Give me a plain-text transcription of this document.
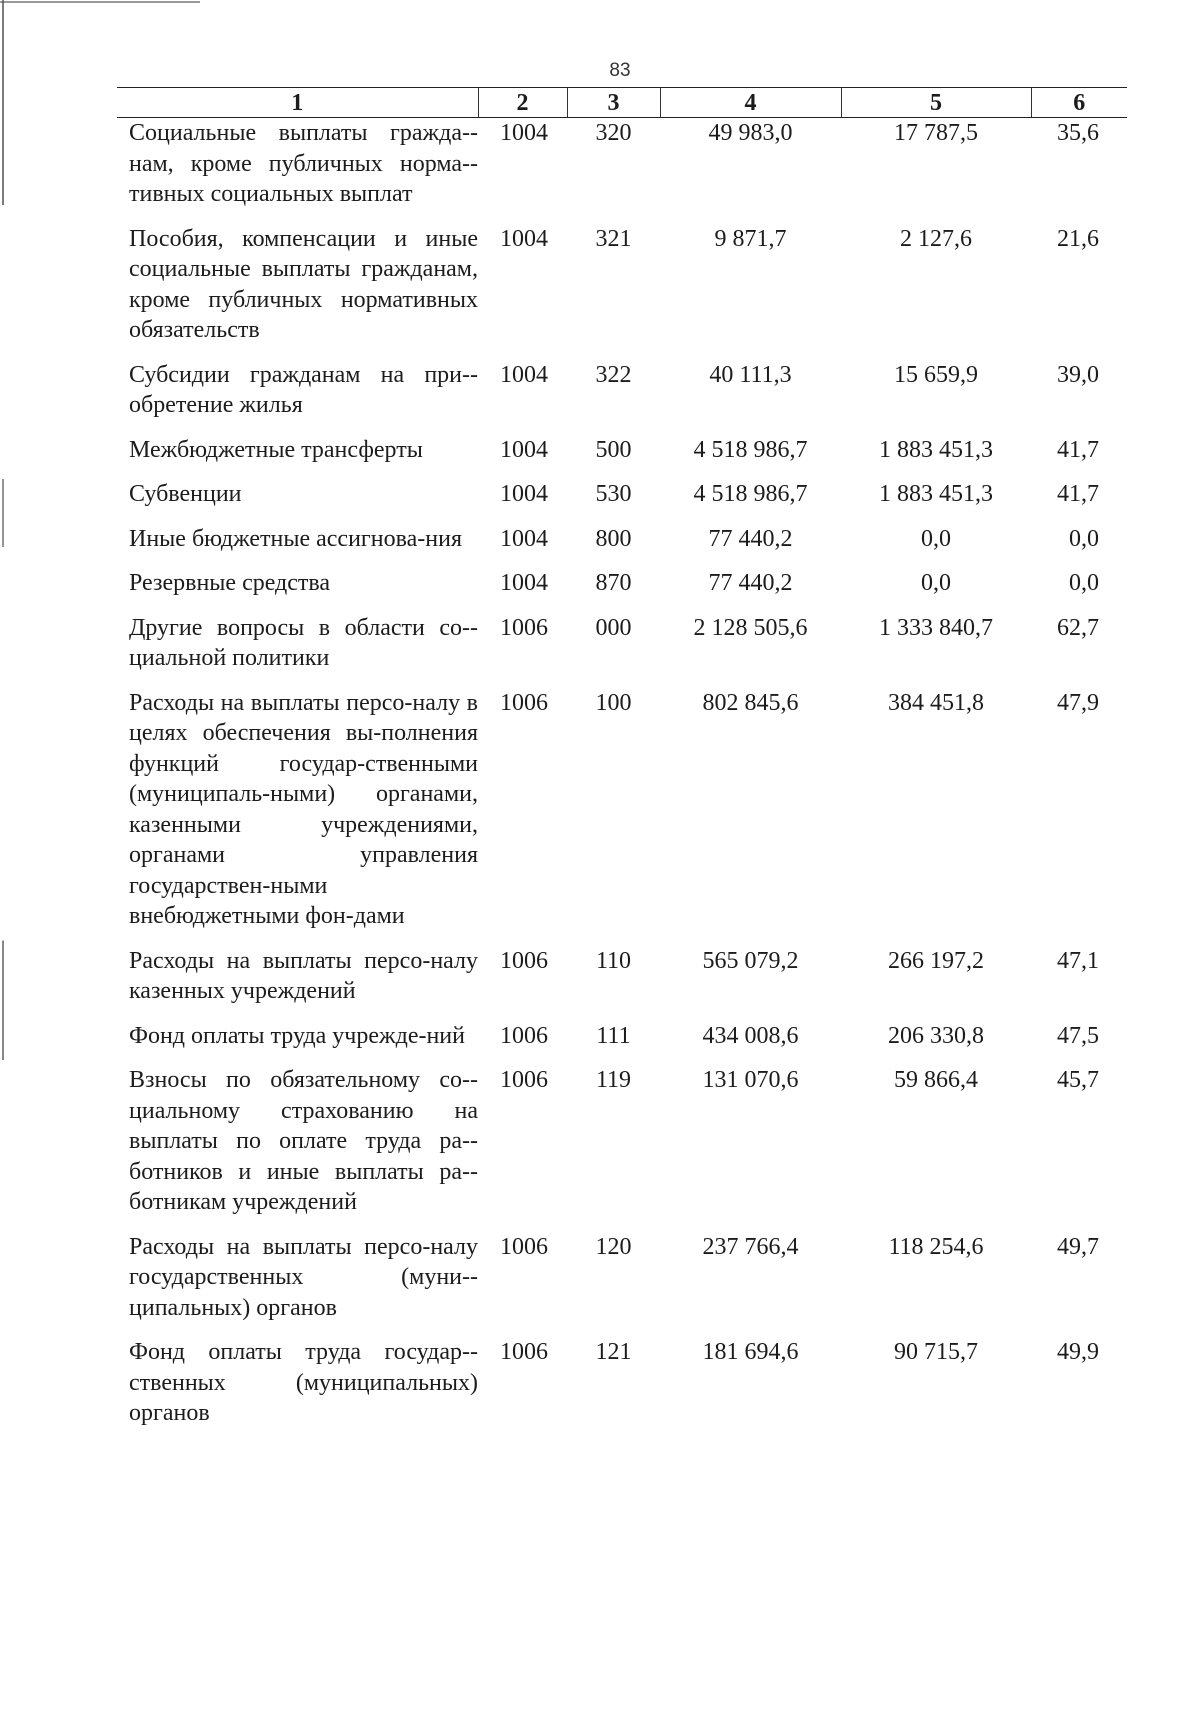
83
1	2	3	4	5	6
Социальные выплаты гражда-нам, кроме публичных норма-тивных социальных выплат	1004	320	49 983,0	17 787,5	35,6
Пособия, компенсации и иные социальные выплаты гражданам, кроме публичных нормативных обязательств	1004	321	9 871,7	2 127,6	21,6
Субсидии гражданам на при-обретение жилья	1004	322	40 111,3	15 659,9	39,0
Межбюджетные трансферты	1004	500	4 518 986,7	1 883 451,3	41,7
Субвенции	1004	530	4 518 986,7	1 883 451,3	41,7
Иные бюджетные ассигнова-ния	1004	800	77 440,2	0,0	0,0
Резервные средства	1004	870	77 440,2	0,0	0,0
Другие вопросы в области со-циальной политики	1006	000	2 128 505,6	1 333 840,7	62,7
Расходы на выплаты персо-налу в целях обеспечения вы-полнения функций государ-ственными (муниципаль-ными) органами, казенными учреждениями, органами управления государствен-ными внебюджетными фон-дами	1006	100	802 845,6	384 451,8	47,9
Расходы на выплаты персо-налу казенных учреждений	1006	110	565 079,2	266 197,2	47,1
Фонд оплаты труда учрежде-ний	1006	111	434 008,6	206 330,8	47,5
Взносы по обязательному со-циальному страхованию на выплаты по оплате труда ра-ботников и иные выплаты ра-ботникам учреждений	1006	119	131 070,6	59 866,4	45,7
Расходы на выплаты персо-налу государственных (муни-ципальных) органов	1006	120	237 766,4	118 254,6	49,7
Фонд оплаты труда государ-ственных (муниципальных) органов	1006	121	181 694,6	90 715,7	49,9
